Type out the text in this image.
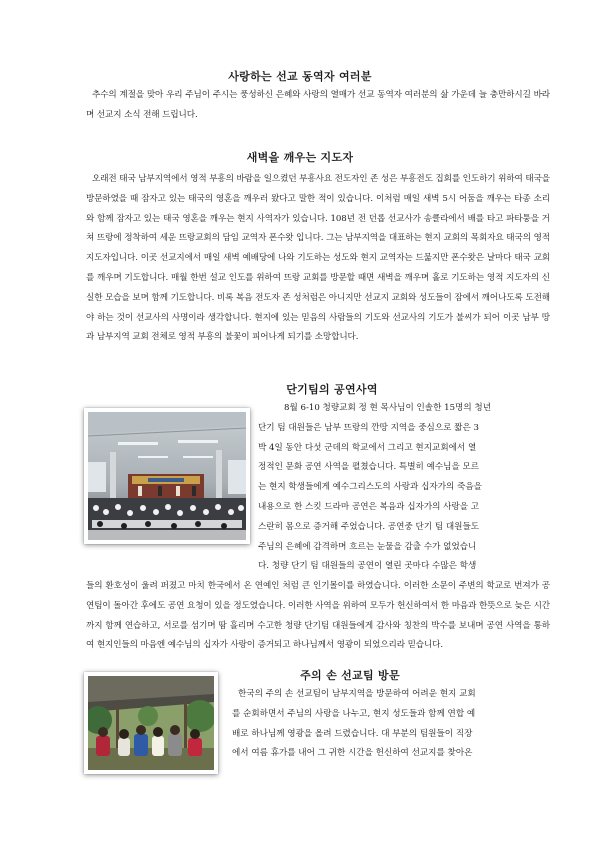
사랑하는 선교 동역자 여러분

추수의 계절을 맞아 우리 주님이 주시는 풍성하신 은혜와 사랑의 열매가 선교 동역자 여러분의 삶 가운데 늘 충만하시길 바라며 선교지 소식 전해 드립니다.

새벽을 깨우는 지도자

오래전 태국 남부지역에서 영적 부흥의 바람을 일으켰던 부흥사요 전도자인 존 성은 부흥전도 집회를 인도하기 위하여 태국을 방문하였을 때 잠자고 있는 태국의 영혼을 깨우러 왔다고 말한 적이 있습니다. 이처럼 매일 새벽 5시 어둠을 깨우는 타종 소리와 함께 잠자고 있는 태국 영혼을 깨우는 현지 사역자가 있습니다. 108년 전 던롭 선교사가 송클라에서 배를 타고 파타퉁을 거쳐 뜨랑에 정착하여 세운 뜨랑교회의 담임 교역자 폰수왓 입니다. 그는 남부지역을 대표하는 현지 교회의 목회자요 태국의 영적 지도자입니다. 이곳 선교지에서 매일 새벽 예배당에 나와 기도하는 성도와 현지 교역자는 드묾지만 폰수왓은 날마다 태국 교회를 깨우며 기도합니다. 매월 한번 설교 인도를 위하여 뜨랑 교회를 방문할 때면 새벽을 깨우며 홀로 기도하는 영적 지도자의 신실한 모습을 보며 함께 기도합니다. 비록 복음 전도자 존 성처럼은 아니지만 선교지 교회와 성도들이 잠에서 깨어나도록 도전해야 하는 것이 선교사의 사명이라 생각합니다. 현지에 있는 믿음의 사람들의 기도와 선교사의 기도가 불씨가 되어 이곳 남부 땅과 남부지역 교회 전체로 영적 부흥의 불꽃이 피어나게 되기를 소망합니다.

단기팀의 공연사역
8월 6-10 청량교회 정 현 목사님이 인솔한 15명의 청년
단기 팀 대원들은 남부 뜨랑의 깐땅 지역을 중심으로 짧은 3
박 4일 동안 다섯 군데의 학교에서 그리고 현지교회에서 열
정적인 문화 공연 사역을 펼쳤습니다. 특별히 예수님을 모르
는 현지 학생들에게 예수그리스도의 사랑과 십자가의 죽음을
내용으로 한 스킷 드라마 공연은 복음과 십자가의 사랑을 고
스란히 몸으로 증거해 주었습니다. 공연중 단기 팀 대원들도
주님의 은혜에 감격하며 흐르는 눈물을 감출 수가 없었습니
다. 청량 단기 팀 대원들의 공연이 열린 곳마다 수많은 학생

들의 환호성이 울려 퍼졌고 마치 한국에서 온 연예인 처럼 큰 인기몰이를 하였습니다. 이러한 소문이 주변의 학교로 번져가 공연팀이 돌아간 후에도 공연 요청이 있을 정도였습니다. 이러한 사역을 위하여 모두가 헌신하여서 한 마음과 한뜻으로 늦은 시간까지 함께 연습하고, 서로를 섬기며 땀 흘리며 수고한 청량 단기팀 대원들에게 감사와 칭찬의 박수를 보내며 공연 사역을 통하여 현지인들의 마음엔 예수님의 십자가 사랑이 증거되고 하나님께서 영광이 되었으리라 믿습니다.

주의 손 선교팀 방문
한국의 주의 손 선교팀이 남부지역을 방문하여 어려운 현지 교회
를 순회하면서 주님의 사랑을 나누고, 현지 성도들과 함께 연합 예
배로 하나님께 영광을 올려 드렸습니다. 대 부분의 팀원들이 직장
에서 여름 휴가를 내어 그 귀한 시간을 헌신하여 선교지를 찾아온
